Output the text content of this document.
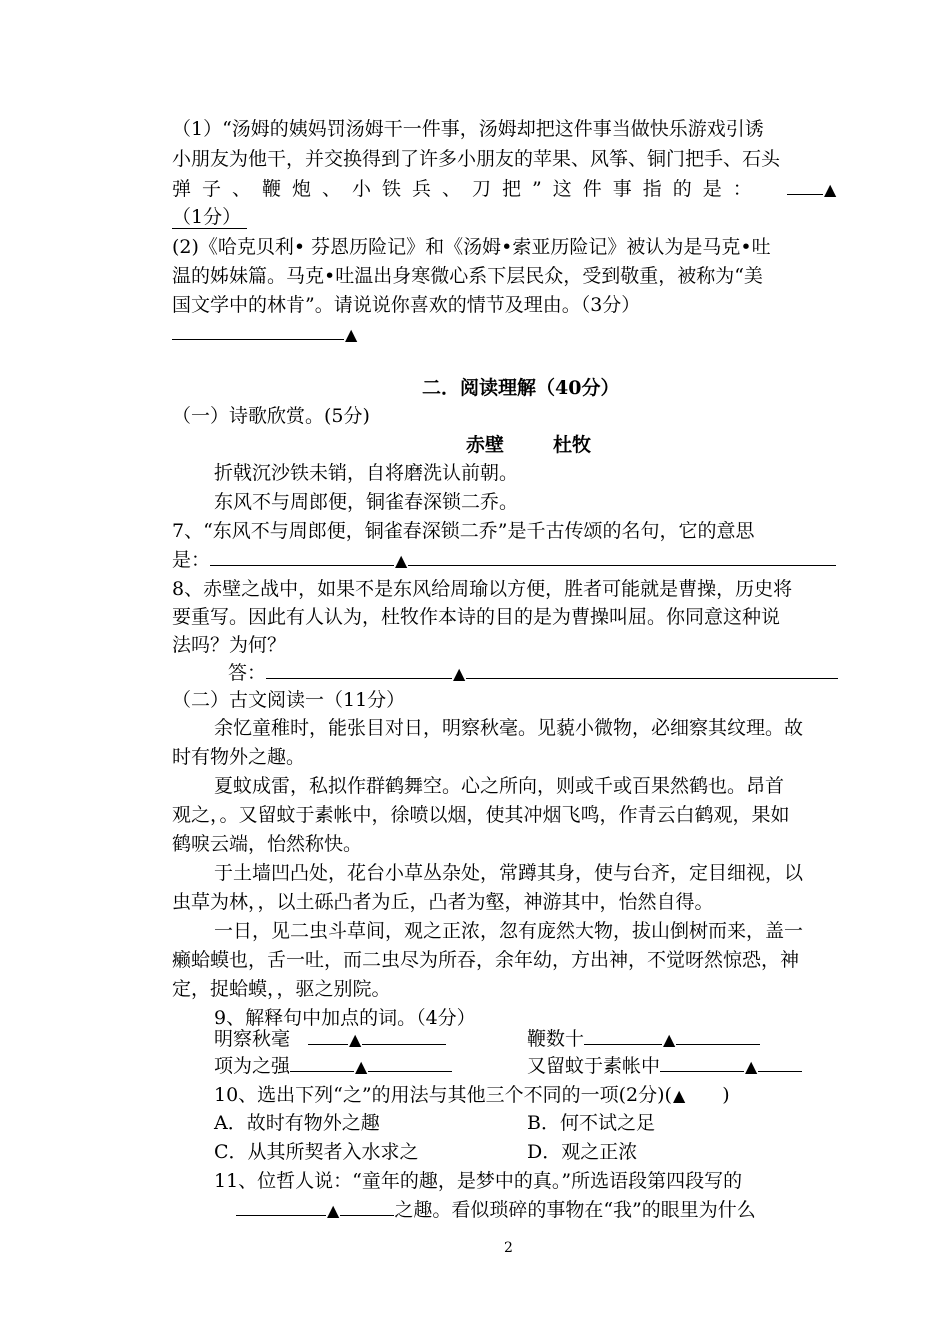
（1）“汤姆的姨妈罚汤姆干一件事，汤姆却把这件事当做快乐游戏引诱
小朋友为他干，并交换得到了许多小朋友的苹果、风筝、铜门把手、石头
弹 子 、 鞭 炮 、 小 铁 兵 、 刀 把 ” 这 件 事 指 的 是 ：	▲
（1分）
(2)《哈克贝利• 芬恩历险记》和《汤姆•索亚历险记》被认为是马克•吐
温的姊妹篇。马克•吐温出身寒微心系下层民众，受到敬重，被称为“美
国文学中的林肯”。请说说你喜欢的情节及理由。（3分）
▲
二．阅读理解（40分）
（一）诗歌欣赏。(5分)
赤壁	杜牧
折戟沉沙铁未销，自将磨洗认前朝。
东风不与周郎便，铜雀春深锁二乔。
7、“东风不与周郎便，铜雀春深锁二乔”是千古传颂的名句，它的意思
是：	▲
8、赤壁之战中，如果不是东风给周瑜以方便，胜者可能就是曹操，历史将
要重写。因此有人认为，杜牧作本诗的目的是为曹操叫屈。你同意这种说
法吗？为何？
答：	▲
（二）古文阅读一（11分）
余忆童稚时，能张目对日，明察秋毫。见藐小微物，必细察其纹理。故
时有物外之趣。
夏蚊成雷，私拟作群鹤舞空。心之所向，则或千或百果然鹤也。昂首
观之，。又留蚊于素帐中，徐喷以烟，使其冲烟飞鸣，作青云白鹤观，果如
鹤唳云端，怡然称快。
于土墙凹凸处，花台小草丛杂处，常蹲其身，使与台齐，定目细视，以
虫草为林，，以土砾凸者为丘，凸者为壑，神游其中，怡然自得。
一日，见二虫斗草间，观之正浓，忽有庞然大物，拔山倒树而来，盖一
癞蛤蟆也，舌一吐，而二虫尽为所吞，余年幼，方出神，不觉呀然惊恐，神
定，捉蛤蟆，，驱之别院。
9、解释句中加点的词。（4分）
明察秋毫	▲	鞭数十	▲
项为之强	▲	又留蚊于素帐中	▲
10、选出下列“之”的用法与其他三个不同的一项(2分)(▲ )
A．故时有物外之趣	B．何不试之足
C．从其所契者入水求之	D．观之正浓
11、位哲人说：“童年的趣，是梦中的真。”所选语段第四段写的
▲	之趣。看似琐碎的事物在“我”的眼里为什么
2
